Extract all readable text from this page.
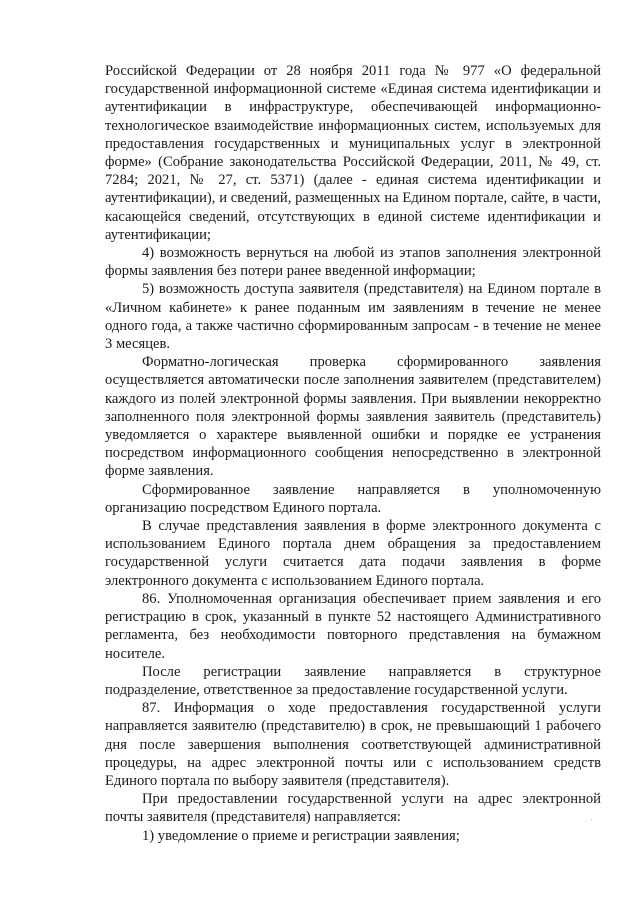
Российской Федерации от 28 ноября 2011 года № 977 «О федеральной государственной информационной системе «Единая система идентификации и аутентификации в инфраструктуре, обеспечивающей информационно-технологическое взаимодействие информационных систем, используемых для предоставления государственных и муниципальных услуг в электронной форме» (Собрание законодательства Российской Федерации, 2011, № 49, ст. 7284; 2021, № 27, ст. 5371) (далее - единая система идентификации и аутентификации), и сведений, размещенных на Едином портале, сайте, в части, касающейся сведений, отсутствующих в единой системе идентификации и аутентификации;

4) возможность вернуться на любой из этапов заполнения электронной формы заявления без потери ранее введенной информации;

5) возможность доступа заявителя (представителя) на Едином портале в «Личном кабинете» к ранее поданным им заявлениям в течение не менее одного года, а также частично сформированным запросам - в течение не менее 3 месяцев.

Форматно-логическая проверка сформированного заявления осуществляется автоматически после заполнения заявителем (представителем) каждого из полей электронной формы заявления. При выявлении некорректно заполненного поля электронной формы заявления заявитель (представитель) уведомляется о характере выявленной ошибки и порядке ее устранения посредством информационного сообщения непосредственно в электронной форме заявления.

Сформированное заявление направляется в уполномоченную организацию посредством Единого портала.

В случае представления заявления в форме электронного документа с использованием Единого портала днем обращения за предоставлением государственной услуги считается дата подачи заявления в форме электронного документа с использованием Единого портала.

86. Уполномоченная организация обеспечивает прием заявления и его регистрацию в срок, указанный в пункте 52 настоящего Административного регламента, без необходимости повторного представления на бумажном носителе.

После регистрации заявление направляется в структурное подразделение, ответственное за предоставление государственной услуги.

87. Информация о ходе предоставления государственной услуги направляется заявителю (представителю) в срок, не превышающий 1 рабочего дня после завершения выполнения соответствующей административной процедуры, на адрес электронной почты или с использованием средств Единого портала по выбору заявителя (представителя).

При предоставлении государственной услуги на адрес электронной почты заявителя (представителя) направляется:

1) уведомление о приеме и регистрации заявления;
